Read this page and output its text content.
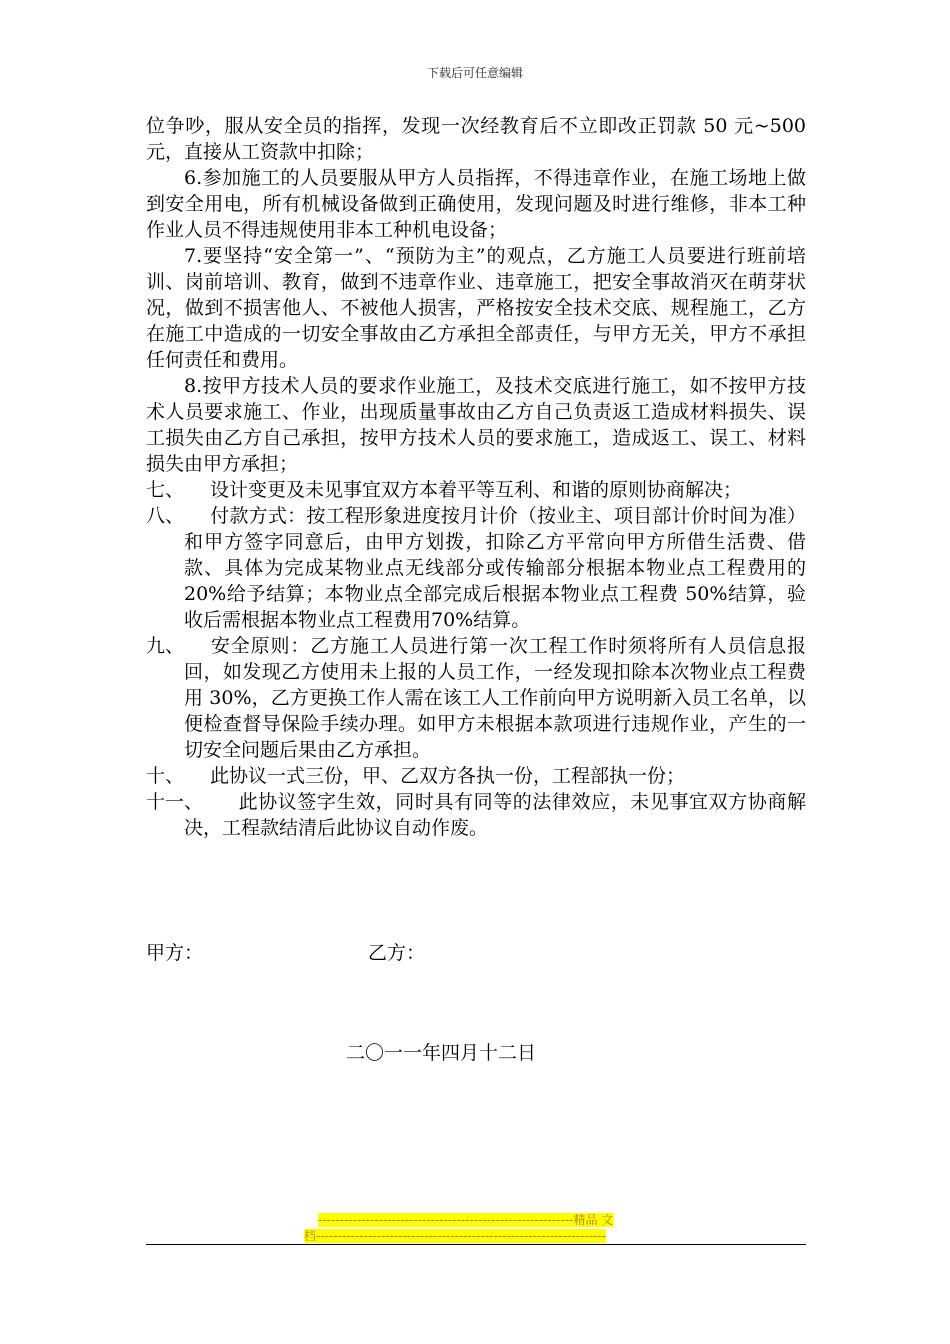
下载后可任意编辑

位争吵，服从安全员的指挥，发现一次经教育后不立即改正罚款 50 元~500 元，直接从工资款中扣除；

6.参加施工的人员要服从甲方人员指挥，不得违章作业，在施工场地上做到安全用电，所有机械设备做到正确使用，发现问题及时进行维修，非本工种作业人员不得违规使用非本工种机电设备；

7.要坚持“安全第一”、“预防为主”的观点，乙方施工人员要进行班前培训、岗前培训、教育，做到不违章作业、违章施工，把安全事故消灭在萌芽状况，做到不损害他人、不被他人损害，严格按安全技术交底、规程施工，乙方在施工中造成的一切安全事故由乙方承担全部责任，与甲方无关，甲方不承担任何责任和费用。

8.按甲方技术人员的要求作业施工，及技术交底进行施工，如不按甲方技术人员要求施工、作业，出现质量事故由乙方自己负责返工造成材料损失、误工损失由乙方自己承担，按甲方技术人员的要求施工，造成返工、误工、材料损失由甲方承担；

七、 设计变更及未见事宜双方本着平等互利、和谐的原则协商解决；

八、 付款方式：按工程形象进度按月计价（按业主、项目部计价时间为准）和甲方签字同意后，由甲方划拨，扣除乙方平常向甲方所借生活费、借款、具体为完成某物业点无线部分或传输部分根据本物业点工程费用的 20%给予结算；本物业点全部完成后根据本物业点工程费 50%结算，验收后需根据本物业点工程费用70%结算。

九、 安全原则：乙方施工人员进行第一次工程工作时须将所有人员信息报回，如发现乙方使用未上报的人员工作，一经发现扣除本次物业点工程费用 30%，乙方更换工作人需在该工人工作前向甲方说明新入员工名单，以便检查督导保险手续办理。如甲方未根据本款项进行违规作业，产生的一切安全问题后果由乙方承担。

十、 此协议一式三份，甲、乙双方各执一份，工程部执一份；

十一、 此协议签字生效，同时具有同等的法律效应，未见事宜双方协商解决，工程款结清后此协议自动作废。

甲方：	乙方：
二〇一一年四月十二日
-----------------------------------------------------------精品 文
档-------------------------------------------------------------------
